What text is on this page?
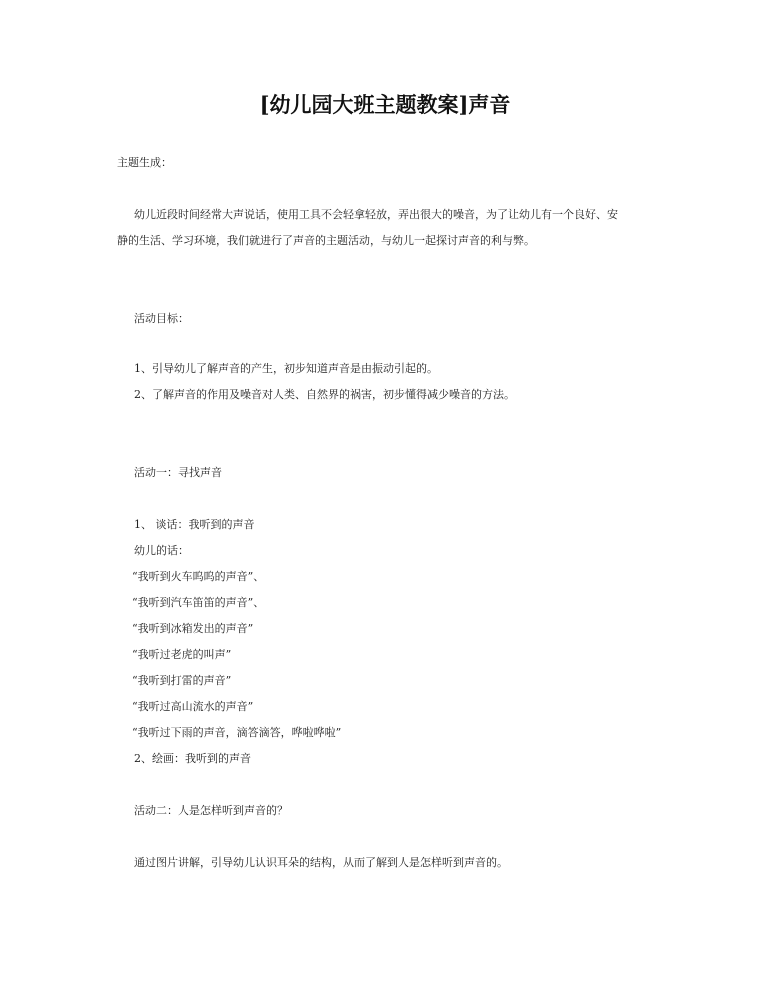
[幼儿园大班主题教案]声音
主题生成：
幼儿近段时间经常大声说话，使用工具不会轻拿轻放，弄出很大的噪音，为了让幼儿有一个良好、安
静的生活、学习环境，我们就进行了声音的主题活动，与幼儿一起探讨声音的利与弊。
活动目标：
1、引导幼儿了解声音的产生，初步知道声音是由振动引起的。
2、了解声音的作用及噪音对人类、自然界的祸害，初步懂得减少噪音的方法。
活动一：寻找声音
1、 谈话：我听到的声音
幼儿的话：
“我听到火车呜呜的声音”、
“我听到汽车笛笛的声音”、
“我听到冰箱发出的声音”
“我听过老虎的叫声”
“我听到打雷的声音”
“我听过高山流水的声音”
“我听过下雨的声音，滴答滴答，哗啦哗啦”
2、绘画：我听到的声音
活动二：人是怎样听到声音的？
通过图片讲解，引导幼儿认识耳朵的结构，从而了解到人是怎样听到声音的。
